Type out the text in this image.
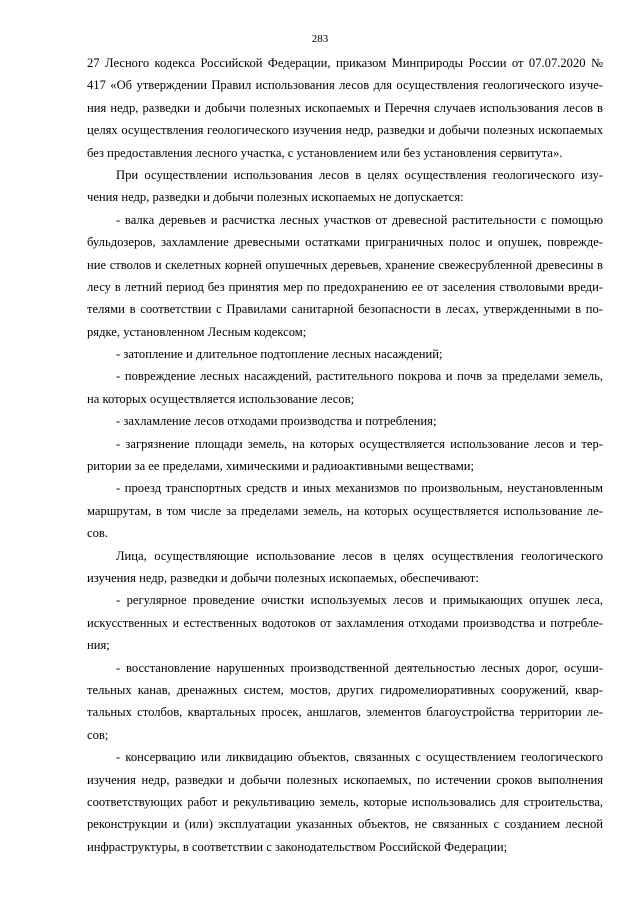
283
27 Лесного кодекса Российской Федерации, приказом Минприроды России от 07.07.2020 №
417 «Об утверждении Правил использования лесов для осуществления геологического изуче-
ния недр, разведки и добычи полезных ископаемых и Перечня случаев использования лесов в
целях осуществления геологического изучения недр, разведки и добычи полезных ископаемых
без предоставления лесного участка, с установлением или без установления сервитута».
При осуществлении использования лесов в целях осуществления геологического изу-
чения недр, разведки и добычи полезных ископаемых не допускается:
- валка деревьев и расчистка лесных участков от древесной растительности с помощью
бульдозеров, захламление древесными остатками приграничных полос и опушек, поврежде-
ние стволов и скелетных корней опушечных деревьев, хранение свежесрубленной древесины в
лесу в летний период без принятия мер по предохранению ее от заселения стволовыми вреди-
телями в соответствии с Правилами санитарной безопасности в лесах, утвержденными в по-
рядке, установленном Лесным кодексом;
- затопление и длительное подтопление лесных насаждений;
- повреждение лесных насаждений, растительного покрова и почв за пределами земель,
на которых осуществляется использование лесов;
- захламление лесов отходами производства и потребления;
- загрязнение площади земель, на которых осуществляется использование лесов и тер-
ритории за ее пределами, химическими и радиоактивными веществами;
- проезд транспортных средств и иных механизмов по произвольным, неустановленным
маршрутам, в том числе за пределами земель, на которых осуществляется использование ле-
сов.
Лица, осуществляющие использование лесов в целях осуществления геологического
изучения недр, разведки и добычи полезных ископаемых, обеспечивают:
- регулярное проведение очистки используемых лесов и примыкающих опушек леса,
искусственных и естественных водотоков от захламления отходами производства и потребле-
ния;
- восстановление нарушенных производственной деятельностью лесных дорог, осуши-
тельных канав, дренажных систем, мостов, других гидромелиоративных сооружений, квар-
тальных столбов, квартальных просек, аншлагов, элементов благоустройства территории ле-
сов;
- консервацию или ликвидацию объектов, связанных с осуществлением геологического
изучения недр, разведки и добычи полезных ископаемых, по истечении сроков выполнения
соответствующих работ и рекультивацию земель, которые использовались для строительства,
реконструкции и (или) эксплуатации указанных объектов, не связанных с созданием лесной
инфраструктуры, в соответствии с законодательством Российской Федерации;
